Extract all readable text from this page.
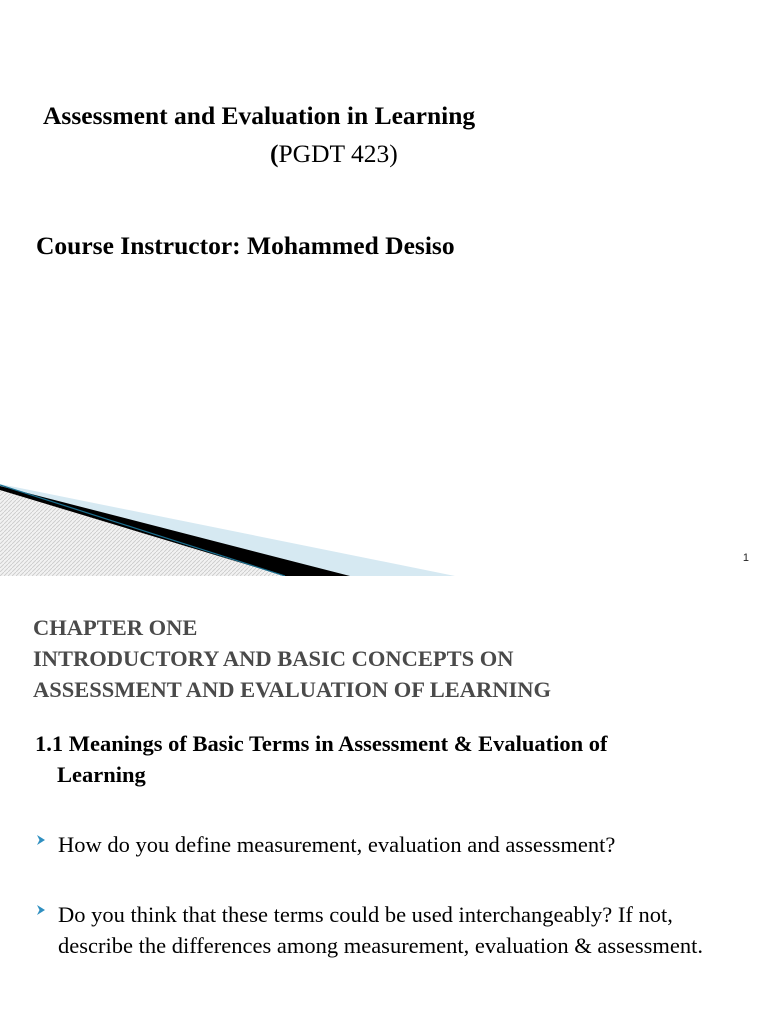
Assessment and Evaluation in Learning
(PGDT 423)
Course Instructor: Mohammed Desiso
1
CHAPTER ONE
INTRODUCTORY AND BASIC CONCEPTS ON
ASSESSMENT AND EVALUATION OF LEARNING
1.1 Meanings of Basic Terms in Assessment & Evaluation of
Learning
How do you define measurement, evaluation and assessment?
Do you think that these terms could be used interchangeably? If not, describe the differences among measurement, evaluation & assessment.
